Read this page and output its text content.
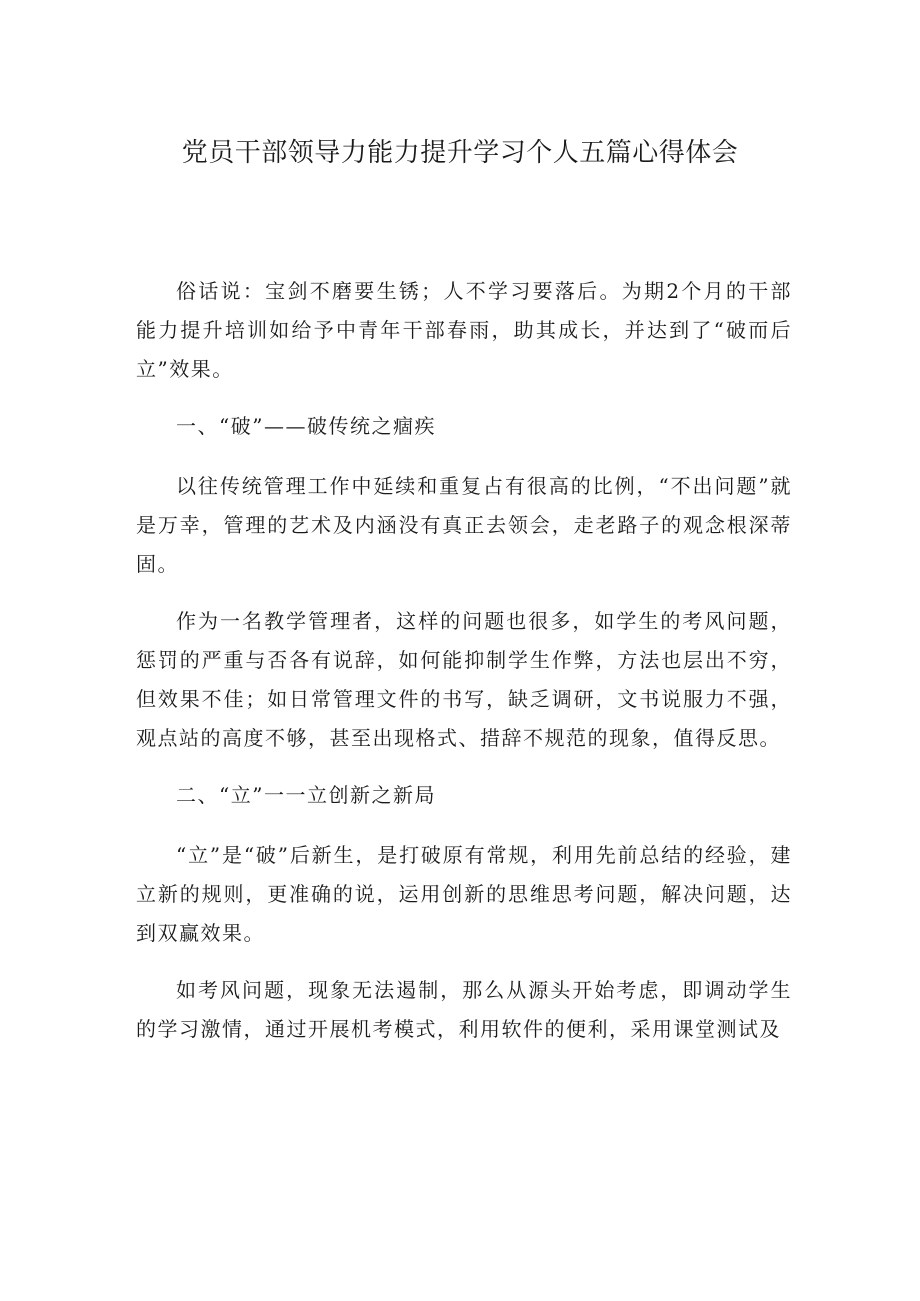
党员干部领导力能力提升学习个人五篇心得体会

俗话说：宝剑不磨要生锈；人不学习要落后。为期2个月的干部能力提升培训如给予中青年干部春雨，助其成长，并达到了“破而后立”效果。

一、“破”——破传统之痼疾

以往传统管理工作中延续和重复占有很高的比例，“不出问题”就是万幸，管理的艺术及内涵没有真正去领会，走老路子的观念根深蒂固。

作为一名教学管理者，这样的问题也很多，如学生的考风问题，惩罚的严重与否各有说辞，如何能抑制学生作弊，方法也层出不穷，但效果不佳；如日常管理文件的书写，缺乏调研，文书说服力不强，观点站的高度不够，甚至出现格式、措辞不规范的现象，值得反思。

二、“立”一一立创新之新局

“立”是“破”后新生，是打破原有常规，利用先前总结的经验，建立新的规则，更准确的说，运用创新的思维思考问题，解决问题，达到双赢效果。

如考风问题，现象无法遏制，那么从源头开始考虑，即调动学生的学习激情，通过开展机考模式，利用软件的便利，采用课堂测试及
